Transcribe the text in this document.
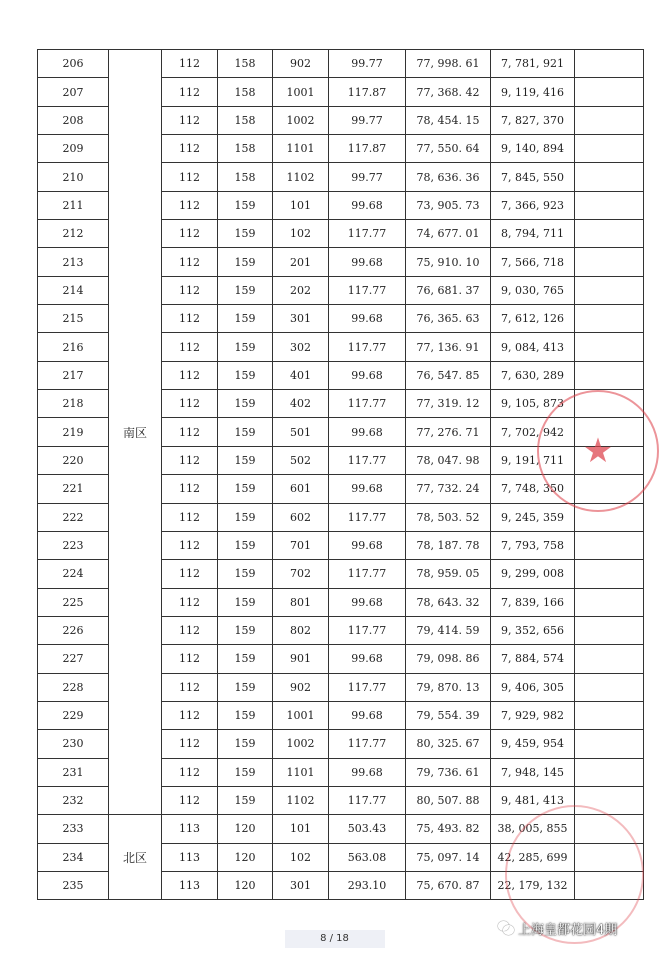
206	南区	112	158	902	99.77	77, 998. 61	7, 781, 921	
207		112	158	1001	117.87	77, 368. 42	9, 119, 416	
208		112	158	1002	99.77	78, 454. 15	7, 827, 370	
209		112	158	1101	117.87	77, 550. 64	9, 140, 894	
210		112	158	1102	99.77	78, 636. 36	7, 845, 550	
211		112	159	101	99.68	73, 905. 73	7, 366, 923	
212		112	159	102	117.77	74, 677. 01	8, 794, 711	
213		112	159	201	99.68	75, 910. 10	7, 566, 718	
214		112	159	202	117.77	76, 681. 37	9, 030, 765	
215		112	159	301	99.68	76, 365. 63	7, 612, 126	
216		112	159	302	117.77	77, 136. 91	9, 084, 413	
217		112	159	401	99.68	76, 547. 85	7, 630, 289	
218		112	159	402	117.77	77, 319. 12	9, 105, 873	
219		112	159	501	99.68	77, 276. 71	7, 702, 942	
220		112	159	502	117.77	78, 047. 98	9, 191, 711	
221		112	159	601	99.68	77, 732. 24	7, 748, 350	
222		112	159	602	117.77	78, 503. 52	9, 245, 359	
223		112	159	701	99.68	78, 187. 78	7, 793, 758	
224		112	159	702	117.77	78, 959. 05	9, 299, 008	
225		112	159	801	99.68	78, 643. 32	7, 839, 166	
226		112	159	802	117.77	79, 414. 59	9, 352, 656	
227		112	159	901	99.68	79, 098. 86	7, 884, 574	
228		112	159	902	117.77	79, 870. 13	9, 406, 305	
229		112	159	1001	99.68	79, 554. 39	7, 929, 982	
230		112	159	1002	117.77	80, 325. 67	9, 459, 954	
231		112	159	1101	99.68	79, 736. 61	7, 948, 145	
232		112	159	1102	117.77	80, 507. 88	9, 481, 413	
233	北区	113	120	101	503.43	75, 493. 82	38, 005, 855	
234		113	120	102	563.08	75, 097. 14	42, 285, 699	
235		113	120	301	293.10	75, 670. 87	22, 179, 132	
★
8 / 18
上海皇都花园4期
